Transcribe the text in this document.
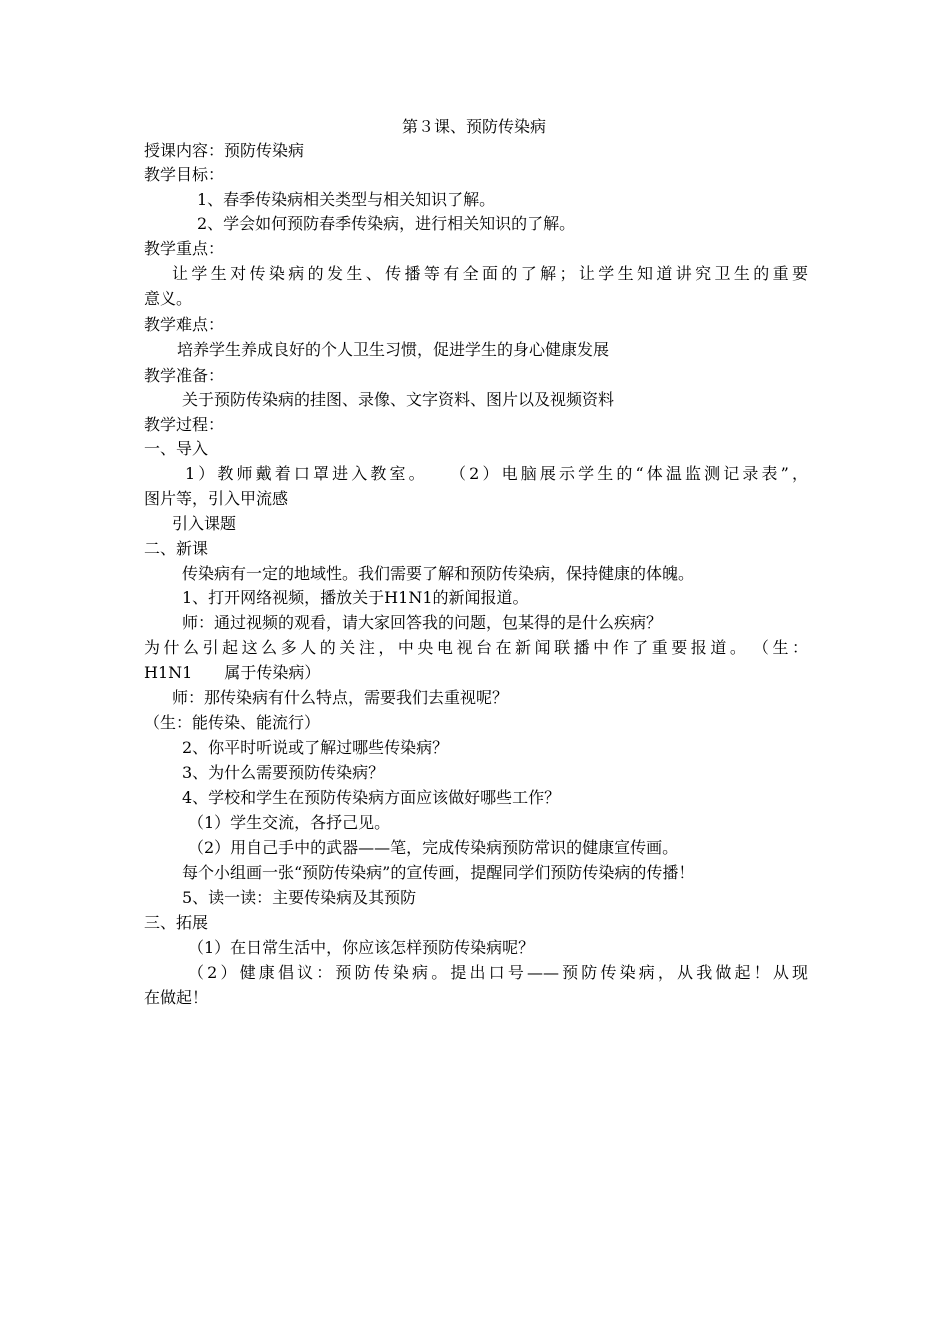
第３课、预防传染病
授课内容：预防传染病
教学目标：
1、春季传染病相关类型与相关知识了解。
2、学会如何预防春季传染病，进行相关知识的了解。
教学重点：
让学生对传染病的发生、传播等有全面的了解；让学生知道讲究卫生的重要
意义。
教学难点：
培养学生养成良好的个人卫生习惯，促进学生的身心健康发展
教学准备：
关于预防传染病的挂图、录像、文字资料、图片以及视频资料
教学过程：
一、导入
1）教师戴着口罩进入教室。　　（2）电脑展示学生的“体温监测记录表”，
图片等，引入甲流感
引入课题
二、新课
传染病有一定的地域性。我们需要了解和预防传染病，保持健康的体魄。
1、打开网络视频，播放关于H1N1的新闻报道。
师：通过视频的观看，请大家回答我的问题，包某得的是什么疾病？
为什么引起这么多人的关注，中央电视台在新闻联播中作了重要报道。　（生：
H1N1　　属于传染病）
师：那传染病有什么特点，需要我们去重视呢？
（生：能传染、能流行）
2、你平时听说或了解过哪些传染病？
3、为什么需要预防传染病？
4、学校和学生在预防传染病方面应该做好哪些工作？
（1）学生交流，各抒己见。
（2）用自己手中的武器——笔，完成传染病预防常识的健康宣传画。
每个小组画一张“预防传染病”的宣传画，提醒同学们预防传染病的传播！
5、读一读：主要传染病及其预防
三、拓展
（1）在日常生活中，你应该怎样预防传染病呢？
（2）健康倡议：预防传染病。提出口号——预防传染病，从我做起！从现
在做起！
